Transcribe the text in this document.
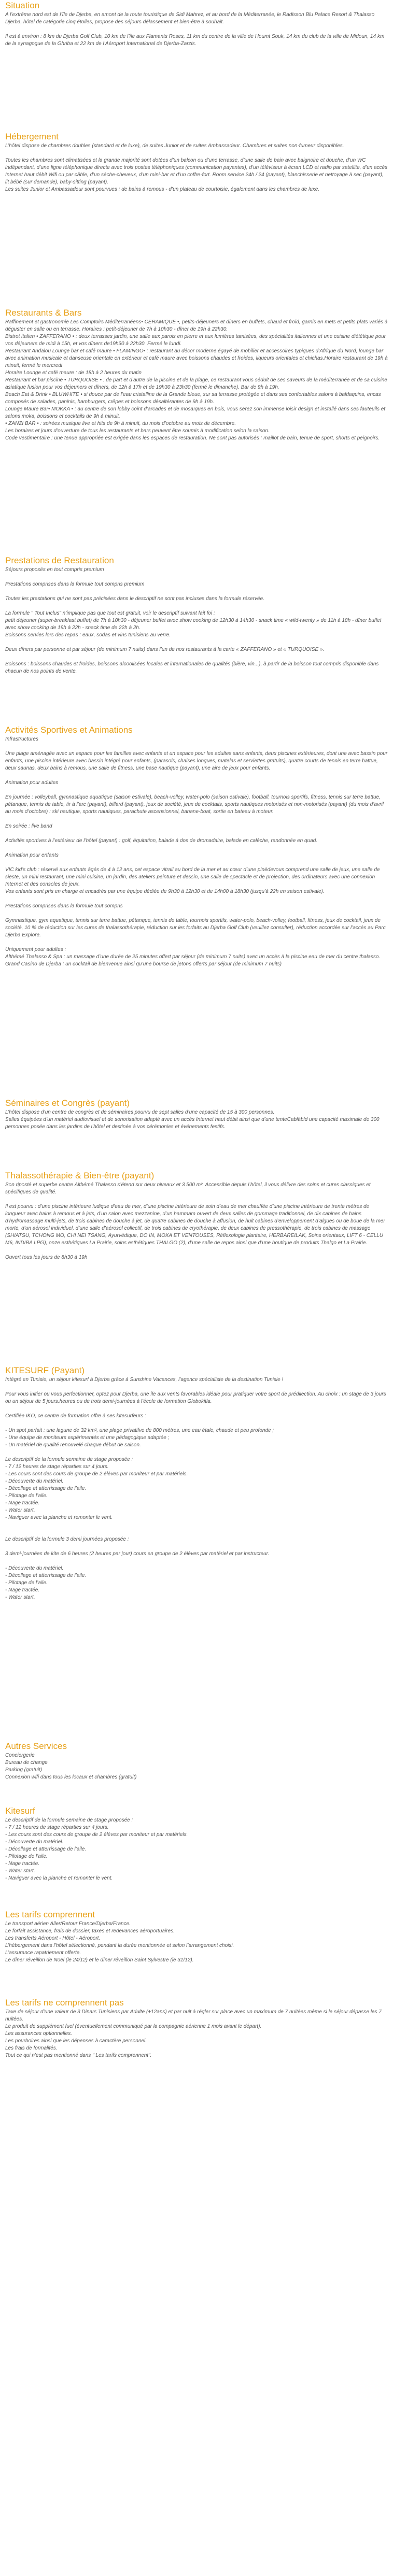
Situation

A l’extrême nord est de l’île de Djerba, en amont de la route touristique de Sidi Mahrez, et au bord de la Méditerranée, le Radisson Blu Palace Resort & Thalasso Djerba, hôtel de catégorie cinq étoiles, propose des séjours délassement et bien-être à souhait.

Il est à environ : 8 km du Djerba Golf Club, 10 km de l’île aux Flamants Roses, 11 km du centre de la ville de Houmt Souk, 14 km du club de la ville de Midoun, 14 km de la synagogue de la Ghriba et 22 km de l’Aéroport International de Djerba-Zarzis.

Hébergement

L’hôtel dispose de chambres doubles (standard et de luxe), de suites Junior et de suites Ambassadeur. Chambres et suites non-fumeur disponibles.

Toutes les chambres sont climatisées et la grande majorité sont dotées d’un balcon ou d’une terrasse, d’une salle de bain avec baignoire et douche, d’un WC indépendant, d’une ligne téléphonique directe avec trois postes téléphoniques (communication payantes), d’un téléviseur à écran LCD et radio par satellite, d’un accès Internet haut débit Wifi ou par câble, d’un sèche-cheveux, d’un mini-bar et d’un coffre-fort. Room service 24h / 24 (payant), blanchisserie et nettoyage à sec (payant), lit bébé (sur demande), baby-sitting (payant).
Les suites Junior et Ambassadeur sont pourvues : de bains à remous - d’un plateau de courtoisie, également dans les chambres de luxe.

Restaurants & Bars

Raffinement et gastronomie Les Comptoirs Méditerranéens• CERAMIQUE •, petits-déjeuners et dîners en buffets, chaud et froid, garnis en mets et petits plats variés à déguster en salle ou en terrasse. Horaires : petit-déjeuner de 7h à 10h30 - dîner de 19h à 22h30.
Bistrot italien • ZAFFERANO • : deux terrasses jardin, une salle aux parois en pierre et aux lumières tamisées, des spécialités italiennes et une cuisine diététique pour vos déjeuners de midi à 15h, et vos dîners de19h30 à 22h30. Fermé le lundi.
Restaurant Andalou Lounge bar et café maure • FLAMINGO• : restaurant au décor moderne égayé de mobilier et accessoires typiques d’Afrique du Nord, lounge bar avec animation musicale et danseuse orientale en extérieur et café maure avec boissons chaudes et froides, liqueurs orientales et chichas.Horaire restaurant de 19h à minuit, fermé le mercredi
Horaire Lounge et café maure : de 18h à 2 heures du matin
Restaurant et bar piscine • TURQUOISE • : de part et d’autre de la piscine et de la plage, ce restaurant vous séduit de ses saveurs de la méditerranée et de sa cuisine asiatique fusion pour vos déjeuners et dîners, de 12h à 17h et de 19h30 à 23h30 (fermé le dimanche). Bar de 9h à 19h.
Beach Eat & Drink • BLUWHITE • si douce par de l’eau cristalline de la Grande bleue, sur sa terrasse protégée et dans ses confortables salons à baldaquins, encas composés de salades, paninis, hamburgers, crêpes et boissons désaltérantes de 9h à 19h.
Lounge Maure Bar• MOKKA • : au centre de son lobby coint d’arcades et de mosaïques en bois, vous serez son immense loisir design et installé dans ses fauteuils et salons moka, boissons et cocktails de 9h à minuit.
• ZANZI BAR • : soirées musique live et hits de 9h à minuit, du mois d’octobre au mois de décembre.
Les horaires et jours d’ouverture de tous les restaurants et bars peuvent être soumis à modification selon la saison.
Code vestimentaire : une tenue appropriée est exigée dans les espaces de restauration. Ne sont pas autorisés : maillot de bain, tenue de sport, shorts et peignoirs.

Prestations de Restauration

Séjours proposés en tout compris premium

Prestations comprises dans la formule tout compris premium

Toutes les prestations qui ne sont pas précisées dans le descriptif ne sont pas incluses dans la formule réservée.

La formule " Tout Inclus" n’implique pas que tout est gratuit, voir le descriptif suivant fait foi :
petit déjeuner (super-breakfast buffet) de 7h à 10h30 - déjeuner buffet avec show cooking de 12h30 à 14h30 - snack time « wild-twenty » de 11h à 18h - dîner buffet avec show cooking de 19h à 22h - snack time de 22h à 2h.
Boissons servies lors des repas : eaux, sodas et vins tunisiens au verre.

Deux dîners par personne et par séjour (de minimum 7 nuits) dans l’un de nos restaurants à la carte « ZAFFERANO » et « TURQUOISE ».

Boissons : boissons chaudes et froides, boissons alcoolisées locales et internationales de qualités (bière, vin...), à partir de la boisson tout compris disponible dans chacun de nos points de vente.

Activités Sportives et Animations

Infrastructures

Une plage aménagée avec un espace pour les familles avec enfants et un espace pour les adultes sans enfants, deux piscines extérieures, dont une avec bassin pour enfants, une piscine intérieure avec bassin intégré pour enfants, (parasols, chaises longues, matelas et serviettes gratuits), quatre courts de tennis en terre battue, deux saunas, deux bains à remous, une salle de fitness, une base nautique (payant), une aire de jeux pour enfants.

Animation pour adultes

En journée : volleyball, gymnastique aquatique (saison estivale), beach-volley, water-polo (saison estivale), football, tournois sportifs, fitness, tennis sur terre battue, pétanque, tennis de table, tir à l’arc (payant), billard (payant), jeux de société, jeux de cocktails, sports nautiques motorisés et non-motorisés (payant) (du mois d’avril au mois d’octobre) : ski nautique, sports nautiques, parachute ascensionnel, banane-boat, sortie en bateau à moteur.

En soirée : live band

Activités sportives à l’extérieur de l’hôtel (payant) : golf, équitation, balade à dos de dromadaire, balade en calèche, randonnée en quad.

Animation pour enfants

VIC kid’s club : réservé aux enfants âgés de 4 à 12 ans, cet espace vitrail au bord de la mer et au cœur d’une pinèdevous comprend une salle de jeux, une salle de sieste, un mini restaurant, une mini cuisine, un jardin, des ateliers peinture et dessin, une salle de spectacle et de projection, des ordinateurs avec une connexion Internet et des consoles de jeux.
Vos enfants sont pris en charge et encadrés par une équipe dédiée de 9h30 à 12h30 et de 14h00 à 18h30 (jusqu’à 22h en saison estivale).

Prestations comprises dans la formule tout compris

Gymnastique, gym aquatique, tennis sur terre battue, pétanque, tennis de table, tournois sportifs, water-polo, beach-volley, football, fitness, jeux de cocktail, jeux de société, 10 % de réduction sur les cures de thalassothérapie, réduction sur les forfaits au Djerba Golf Club (veuillez consulter), réduction accordée sur l’accès au Parc Djerba Explore.

Uniquement pour adultes :
Althémé Thalasso & Spa : un massage d’une durée de 25 minutes offert par séjour (de minimum 7 nuits) avec un accès à la piscine eau de mer du centre thalasso.
Grand Casino de Djerba : un cocktail de bienvenue ainsi qu’une bourse de jetons offerts par séjour (de minimum 7 nuits)

Séminaires et Congrès (payant)

L’hôtel dispose d’un centre de congrès et de séminaires pourvu de sept salles d’une capacité de 15 à 300 personnes.
Salles équipées d’un matériel audiovisuel et de sonorisation adapté avec un accès Internet haut débit ainsi que d’une tenteCabläbld une capacité maximale de 300 personnes posée dans les jardins de l’hôtel et destinée à vos cérémonies et événements festifs.

Thalassothérapie & Bien-être (payant)

Son riposté et superbe centre Althémé Thalasso s’étend sur deux niveaux et 3 500 m². Accessible depuis l’hôtel, il vous délivre des soins et cures classiques et spécifiques de qualité.

Il est pourvu : d’une piscine intérieure ludique d’eau de mer, d’une piscine intérieure de soin d’eau de mer chauffée d’une piscine intérieure de trente mètres de longueur avec bains à remous et à jets, d’un salon avec mezzanine, d’un hammam ouvert de deux salles de gommage traditionnel, de dix cabines de bains d’hydromassage multi-jets, de trois cabines de douche à jet, de quatre cabines de douche à affusion, de huit cabines d’enveloppement d’algues ou de boue de la mer morte, d’un aérosol individuel, d’une salle d’aérosol collectif, de trois cabines de cryothérapie, de deux cabines de pressothérapie, de trois cabines de massage (SHIATSU, TCHONG MO, CHI NEI TSANG, Ayurvédique, DO IN, MOXA ET VENTOUSES, Réflexologie plantaire, HERBAREILAK, Soins orientaux, LIFT 6 - CELLU M6, INDIBA LPG), onze esthétiques La Prairie, soins esthétiques THALGO (2), d’une salle de repos ainsi que d’une boutique de produits Thalgo et La Prairie.

Ouvert tous les jours de 8h30 à 19h

KITESURF (Payant)

Intégré en Tunisie, un séjour kitesurf à Djerba grâce à Sunshine Vacances, l’agence spécialiste de la destination Tunisie !

Pour vous initier ou vous perfectionner, optez pour Djerba, une île aux vents favorables idéale pour pratiquer votre sport de prédilection. Au choix : un stage de 3 jours ou un séjour de 5 jours.heures ou de trois demi-journées à l’école de formation Globokitla.

Certifiée IKO, ce centre de formation offre à ses kitesurfeurs :

- Un spot parfait : une lagune de 32 km², une plage privatifve de 800 mètres, une eau étale, chaude et peu profonde ;
- Une équipe de moniteurs expérimentés et une pédagogique adaptée ;
- Un matériel de qualité renouvelé chaque début de saison.

Le descriptif de la formule semaine de stage proposée :
- 7 / 12 heures de stage réparties sur 4 jours.
- Les cours sont des cours de groupe de 2 élèves par moniteur et par matériels.
- Découverte du matériel.
- Décollage et atterrissage de l’aile.
- Pilotage de l’aile.
- Nage tractée.
- Water start.
- Naviguer avec la planche et remonter le vent.

Le descriptif de la formule 3 demi journées proposée :

3 demi-journées de kite de 6 heures (2 heures par jour) cours en groupe de 2 élèves par matériel et par instructeur.

- Découverte du matériel.
- Décollage et atterrissage de l’aile.
- Pilotage de l’aile.
- Nage tractée.
- Water start.

Autres Services

Conciergerie
Bureau de change
Parking (gratuit)
Connexion wifi dans tous les locaux et chambres (gratuit)

Kitesurf

Le descriptif de la formule semaine de stage proposée :
- 7 / 12 heures de stage réparties sur 4 jours.
- Les cours sont des cours de groupe de 2 élèves par moniteur et par matériels.
- Découverte du matériel.
- Décollage et atterrissage de l’aile.
- Pilotage de l’aile.
- Nage tractée.
- Water start.
- Naviguer avec la planche et remonter le vent.

Les tarifs comprennent

Le transport aérien Aller/Retour France/Djerba/France.
Le forfait assistance, frais de dossier, taxes et redevances aéroportuaires.
Les transferts Aéroport - Hôtel - Aéroport.
L’hébergement dans l’hôtel sélectionné, pendant la durée mentionnée et selon l’arrangement choisi.
L’assurance rapatriement offerte.
Le dîner réveillon de Noël (le 24/12) et le dîner réveillon Saint Sylvestre (le 31/12).

Les tarifs ne comprennent pas

Taxe de séjour d’une valeur de 3 Dinars Tunisiens par Adulte (+12ans) et par nuit à régler sur place avec un maximum de 7 nuitées même si le séjour dépasse les 7 nuitées.
Le produit de supplément fuel (éventuellement communiqué par la compagnie aérienne 1 mois avant le départ).
Les assurances optionnelles.
Les pourboires ainsi que les dépenses à caractère personnel.
Les frais de formalités.
Tout ce qui n’est pas mentionné dans " Les tarifs comprennent".
